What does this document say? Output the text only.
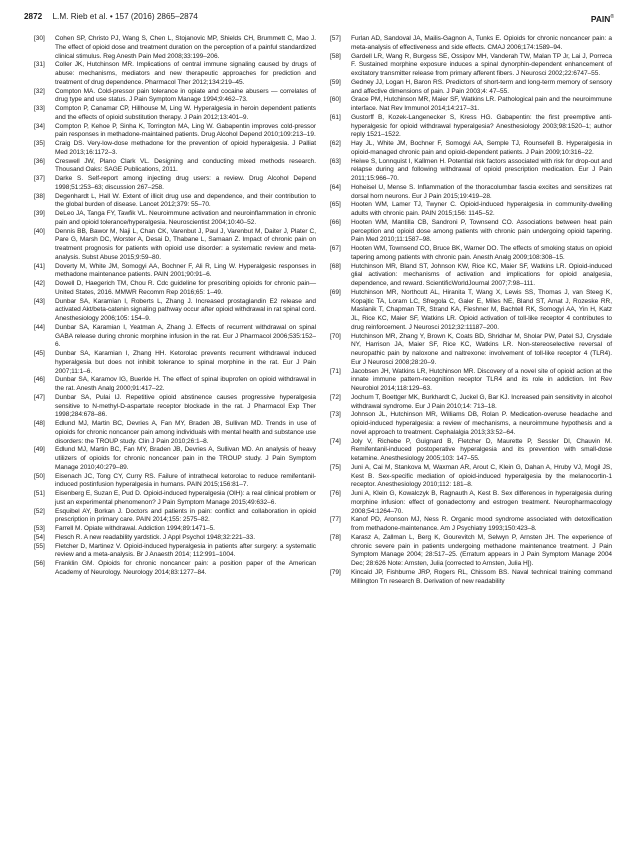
2872 L.M. Rieb et al. • 157 (2016) 2865–2874	PAIN®

[30] Cohen SP, Christo PJ, Wang S, Chen L, Stojanovic MP, Shields CH, Brummett C, Mao J. The effect of opioid dose and treatment duration on the perception of a painful standardized clinical stimulus. Reg Anesth Pain Med 2008;33:199–206.

[31] Coller JK, Hutchinson MR. Implications of central immune signaling caused by drugs of abuse: mechanisms, mediators and new therapeutic approaches for prediction and treatment of drug dependence. Pharmacol Ther 2012;134:219–45.

[32] Compton MA. Cold-pressor pain tolerance in opiate and cocaine abusers — correlates of drug type and use status. J Pain Symptom Manage 1994;9:462–73.

[33] Compton P, Canamar CP, Hillhouse M, Ling W. Hyperalgesia in heroin dependent patients and the effects of opioid substitution therapy. J Pain 2012;13:401–9.

[34] Compton P, Kehoe P, Sinha K, Torrington MA, Ling W. Gabapentin improves cold-pressor pain responses in methadone-maintained patients. Drug Alcohol Depend 2010;109:213–19.

[35] Craig DS. Very-low-dose methadone for the prevention of opioid hyperalgesia. J Palliat Med 2013;16:1172–3.

[36] Creswell JW, Plano Clark VL. Designing and conducting mixed methods research. Thousand Oaks: SAGE Publications, 2011.

[37] Darke S. Self-report among injecting drug users: a review. Drug Alcohol Depend 1998;51:253–63; discussion 267–258.

[38] Degenhardt L, Hall W. Extent of illicit drug use and dependence, and their contribution to the global burden of disease. Lancet 2012;379: 55–70.

[39] DeLeo JA, Tanga FY, Tawfik VL. Neuroimmune activation and neuroinflammation in chronic pain and opioid tolerance/hyperalgesia. Neuroscientist 2004;10:40–52.

[40] Dennis BB, Bawor M, Naji L, Chan CK, Varenbut J, Paul J, Varenbut M, Daiter J, Plater C, Pare G, Marsh DC, Worster A, Desai D, Thabane L, Samaan Z. Impact of chronic pain on treatment prognosis for patients with opioid use disorder: a systematic review and meta-analysis. Subst Abuse 2015;9:59–80.

[41] Doverty M, White JM, Somogyi AA, Bochner F, Ali R, Ling W. Hyperalgesic responses in methadone maintenance patients. PAIN 2001;90:91–6.

[42] Dowell D, Haegerich TM, Chou R. Cdc guideline for prescribing opioids for chronic pain—United States, 2016. MMWR Recomm Rep 2016;65: 1–49.

[43] Dunbar SA, Karamian I, Roberts L, Zhang J. Increased prostaglandin E2 release and activated Akt/beta-catenin signaling pathway occur after opioid withdrawal in rat spinal cord. Anesthesiology 2006;105: 154–9.

[44] Dunbar SA, Karamian I, Yeatman A, Zhang J. Effects of recurrent withdrawal on spinal GABA release during chronic morphine infusion in the rat. Eur J Pharmacol 2006;535:152–6.

[45] Dunbar SA, Karamian I, Zhang HH. Ketorolac prevents recurrent withdrawal induced hyperalgesia but does not inhibit tolerance to spinal morphine in the rat. Eur J Pain 2007;11:1–6.

[46] Dunbar SA, Karamov IG, Buerkle H. The effect of spinal ibuprofen on opioid withdrawal in the rat. Anesth Analg 2000;91:417–22.

[47] Dunbar SA, Pulai IJ. Repetitive opioid abstinence causes progressive hyperalgesia sensitive to N-methyl-D-aspartate receptor blockade in the rat. J Pharmacol Exp Ther 1998;284:678–86.

[48] Edlund MJ, Martin BC, Devries A, Fan MY, Braden JB, Sullivan MD. Trends in use of opioids for chronic noncancer pain among individuals with mental health and substance use disorders: the TROUP study. Clin J Pain 2010;26:1–8.

[49] Edlund MJ, Martin BC, Fan MY, Braden JB, Devries A, Sullivan MD. An analysis of heavy utilizers of opioids for chronic noncancer pain in the TROUP study. J Pain Symptom Manage 2010;40:279–89.

[50] Eisenach JC, Tong CY, Curry RS. Failure of intrathecal ketorolac to reduce remifentanil-induced postinfusion hyperalgesia in humans. PAIN 2015;156:81–7.

[51] Eisenberg E, Suzan E, Pud D. Opioid-induced hyperalgesia (OIH): a real clinical problem or just an experimental phenomenon? J Pain Symptom Manage 2015;49:632–6.

[52] Esquibel AY, Borkan J. Doctors and patients in pain: conflict and collaboration in opioid prescription in primary care. PAIN 2014;155: 2575–82.

[53] Farrell M. Opiate withdrawal. Addiction 1994;89:1471–5.

[54] Flesch R. A new readability yardstick. J Appl Psychol 1948;32:221–33.

[55] Fletcher D, Martinez V. Opioid-induced hyperalgesia in patients after surgery: a systematic review and a meta-analysis. Br J Anaesth 2014; 112:991–1004.

[56] Franklin GM. Opioids for chronic noncancer pain: a position paper of the American Academy of Neurology. Neurology 2014;83:1277–84.

[57] Furlan AD, Sandoval JA, Mailis-Gagnon A, Tunks E. Opioids for chronic noncancer pain: a meta-analysis of effectiveness and side effects. CMAJ 2006;174:1589–94.

[58] Gardell LR, Wang R, Burgess SE, Ossipov MH, Vanderah TW, Malan TP Jr, Lai J, Porreca F. Sustained morphine exposure induces a spinal dynorphin-dependent enhancement of excitatory transmitter release from primary afferent fibers. J Neurosci 2002;22:6747–55.

[59] Gedney JJ, Logan H, Baron RS. Predictors of short-term and long-term memory of sensory and affective dimensions of pain. J Pain 2003;4: 47–55.

[60] Grace PM, Hutchinson MR, Maier SF, Watkins LR. Pathological pain and the neuroimmune interface. Nat Rev Immunol 2014;14:217–31.

[61] Gustorff B, Kozek-Langenecker S, Kress HG. Gabapentin: the first preemptive anti-hyperalgesic for opioid withdrawal hyperalgesia? Anesthesiology 2003;98:1520–1; author reply 1521–1522.

[62] Hay JL, White JM, Bochner F, Somogyi AA, Semple TJ, Rounsefell B. Hyperalgesia in opioid-managed chronic pain and opioid-dependent patients. J Pain 2009;10:316–22.

[63] Heiwe S, Lonnquist I, Kallmen H. Potential risk factors associated with risk for drop-out and relapse during and following withdrawal of opioid prescription medication. Eur J Pain 2011;15:966–70.

[64] Hoheisel U, Mense S. Inflammation of the thoracolumbar fascia excites and sensitizes rat dorsal horn neurons. Eur J Pain 2015;19:419–28.

[65] Hooten WM, Lamer TJ, Twyner C. Opioid-induced hyperalgesia in community-dwelling adults with chronic pain. PAIN 2015;156: 1145–52.

[66] Hooten WM, Mantilla CB, Sandroni P, Townsend CO. Associations between heat pain perception and opioid dose among patients with chronic pain undergoing opioid tapering. Pain Med 2010;11:1587–98.

[67] Hooten WM, Townsend CO, Bruce BK, Warner DO. The effects of smoking status on opioid tapering among patients with chronic pain. Anesth Analg 2009;108:308–15.

[68] Hutchinson MR, Bland ST, Johnson KW, Rice KC, Maier SF, Watkins LR. Opioid-induced glial activation: mechanisms of activation and implications for opioid analgesia, dependence, and reward. ScientificWorldJournal 2007;7:98–111.

[69] Hutchinson MR, Northcutt AL, Hiranita T, Wang X, Lewis SS, Thomas J, van Steeg K, Kopajtic TA, Loram LC, Sfregola C, Galer E, Miles NE, Bland ST, Amat J, Rozeske RR, Maslanik T, Chapman TR, Strand KA, Fleshner M, Bachtell RK, Somogyi AA, Yin H, Katz JL, Rice KC, Maier SF, Watkins LR. Opioid activation of toll-like receptor 4 contributes to drug reinforcement. J Neurosci 2012;32:11187–200.

[70] Hutchinson MR, Zhang Y, Brown K, Coats BD, Shridhar M, Sholar PW, Patel SJ, Crysdale NY, Harrison JA, Maier SF, Rice KC, Watkins LR. Non-stereoselective reversal of neuropathic pain by naloxone and naltrexone: involvement of toll-like receptor 4 (TLR4). Eur J Neurosci 2008;28:20–9.

[71] Jacobsen JH, Watkins LR, Hutchinson MR. Discovery of a novel site of opioid action at the innate immune pattern-recognition receptor TLR4 and its role in addiction. Int Rev Neurobiol 2014;118:129–63.

[72] Jochum T, Boettger MK, Burkhardt C, Juckel G, Bar KJ. Increased pain sensitivity in alcohol withdrawal syndrome. Eur J Pain 2010;14: 713–18.

[73] Johnson JL, Hutchinson MR, Williams DB, Rolan P. Medication-overuse headache and opioid-induced hyperalgesia: a review of mechanisms, a neuroimmune hypothesis and a novel approach to treatment. Cephalalgia 2013;33:52–64.

[74] Joly V, Richebe P, Guignard B, Fletcher D, Maurette P, Sessler DI, Chauvin M. Remifentanil-induced postoperative hyperalgesia and its prevention with small-dose ketamine. Anesthesiology 2005;103: 147–55.

[75] Juni A, Cai M, Stankova M, Waxman AR, Arout C, Klein G, Dahan A, Hruby VJ, Mogil JS, Kest B. Sex-specific mediation of opioid-induced hyperalgesia by the melanocortin-1 receptor. Anesthesiology 2010;112: 181–8.

[76] Juni A, Klein G, Kowalczyk B, Ragnauth A, Kest B. Sex differences in hyperalgesia during morphine infusion: effect of gonadectomy and estrogen treatment. Neuropharmacology 2008;54:1264–70.

[77] Kanof PD, Aronson MJ, Ness R. Organic mood syndrome associated with detoxification from methadone-maintenance. Am J Psychiatry 1993;150:423–8.

[78] Karasz A, Zallman L, Berg K, Gourevitch M, Selwyn P, Arnsten JH. The experience of chronic severe pain in patients undergoing methadone maintenance treatment. J Pain Symptom Manage 2004; 28:517–25. (Erratum appears in J Pain Symptom Manage 2004 Dec; 28:626 Note: Arnsten, Julia [corrected to Arnsten, Julia H]).

[79] Kincaid JP, Fishburne JRP, Rogers RL, Chissom BS. Naval technical training command Millington Tn research B. Derivation of new readability
